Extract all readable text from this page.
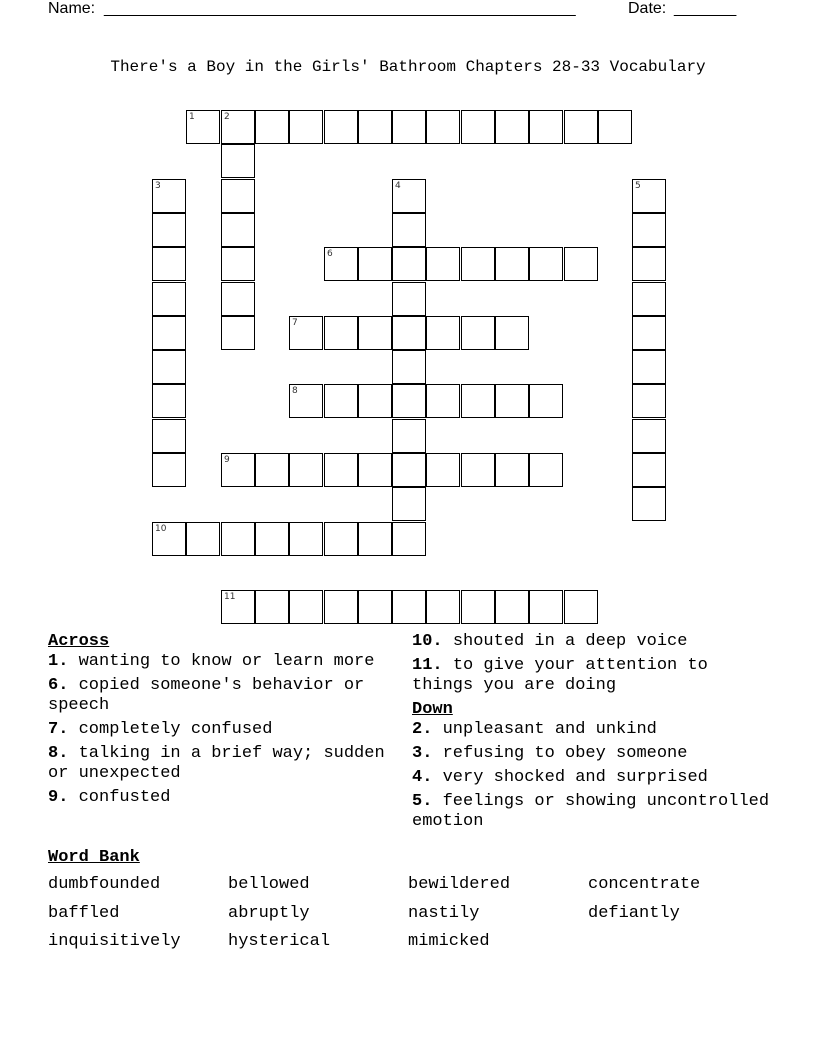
Name: _____________________________________________________	Date: _______
There's a Boy in the Girls' Bathroom Chapters 28-33 Vocabulary
1	2
3	4	5
6
7
8
9
10
11
Across
1. wanting to know or learn more
6. copied someone's behavior or speech
7. completely confused
8. talking in a brief way; sudden or unexpected
9. confusted
10. shouted in a deep voice
11. to give your attention to things you are doing
Down
2. unpleasant and unkind
3. refusing to obey someone
4. very shocked and surprised
5. feelings or showing uncontrolled emotion
Word Bank
dumbfounded	bellowed	bewildered	concentrate
baffled	abruptly	nastily	defiantly
inquisitively	hysterical	mimicked
